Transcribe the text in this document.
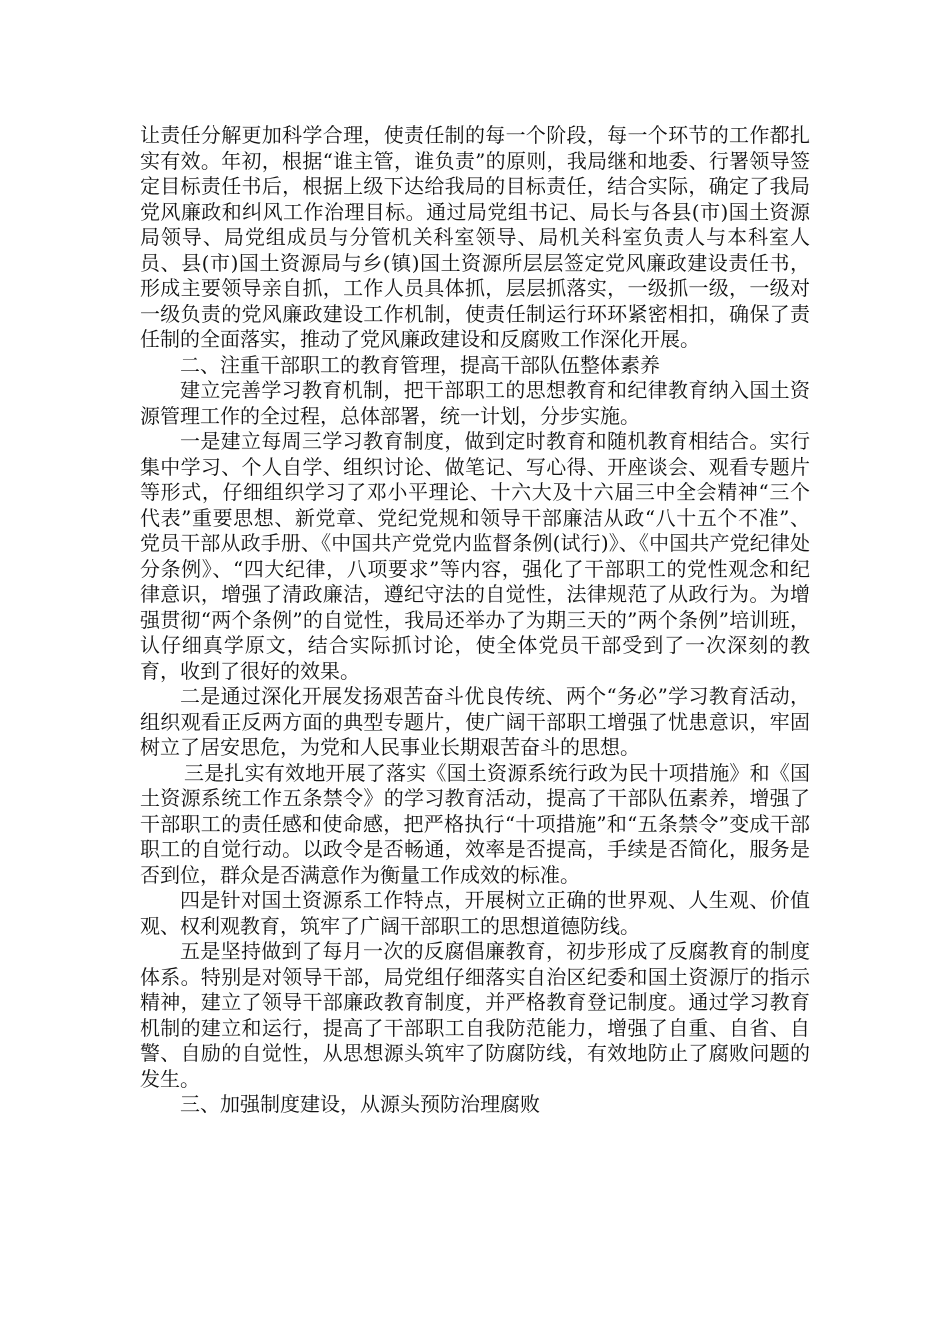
让责任分解更加科学合理，使责任制的每一个阶段，每一个环节的工作都扎实有效。年初，根据“谁主管，谁负责”的原则，我局继和地委、行署领导签定目标责任书后，根据上级下达给我局的目标责任，结合实际，确定了我局党风廉政和纠风工作治理目标。通过局党组书记、局长与各县(市)国土资源局领导、局党组成员与分管机关科室领导、局机关科室负责人与本科室人员、县(市)国土资源局与乡(镇)国土资源所层层签定党风廉政建设责任书，形成主要领导亲自抓，工作人员具体抓，层层抓落实，一级抓一级，一级对一级负责的党风廉政建设工作机制，使责任制运行环环紧密相扣，确保了责任制的全面落实，推动了党风廉政建设和反腐败工作深化开展。

二、注重干部职工的教育管理，提高干部队伍整体素养

建立完善学习教育机制，把干部职工的思想教育和纪律教育纳入国土资源管理工作的全过程，总体部署，统一计划，分步实施。

一是建立每周三学习教育制度，做到定时教育和随机教育相结合。实行集中学习、个人自学、组织讨论、做笔记、写心得、开座谈会、观看专题片等形式，仔细组织学习了邓小平理论、十六大及十六届三中全会精神“三个代表”重要思想、新党章、党纪党规和领导干部廉洁从政“八十五个不准”、党员干部从政手册、《中国共产党党内监督条例(试行)》、《中国共产党纪律处分条例》、“四大纪律，八项要求”等内容，强化了干部职工的党性观念和纪律意识，增强了清政廉洁，遵纪守法的自觉性，法律规范了从政行为。为增强贯彻“两个条例”的自觉性，我局还举办了为期三天的”两个条例”培训班，认仔细真学原文，结合实际抓讨论，使全体党员干部受到了一次深刻的教育，收到了很好的效果。

二是通过深化开展发扬艰苦奋斗优良传统、两个“务必”学习教育活动，组织观看正反两方面的典型专题片，使广阔干部职工增强了忧患意识，牢固树立了居安思危，为党和人民事业长期艰苦奋斗的思想。

三是扎实有效地开展了落实《国土资源系统行政为民十项措施》和《国土资源系统工作五条禁令》的学习教育活动，提高了干部队伍素养，增强了干部职工的责任感和使命感，把严格执行“十项措施”和“五条禁令”变成干部职工的自觉行动。以政令是否畅通，效率是否提高，手续是否简化，服务是否到位，群众是否满意作为衡量工作成效的标准。

四是针对国土资源系工作特点，开展树立正确的世界观、人生观、价值观、权利观教育，筑牢了广阔干部职工的思想道德防线。

五是坚持做到了每月一次的反腐倡廉教育，初步形成了反腐教育的制度体系。特别是对领导干部，局党组仔细落实自治区纪委和国土资源厅的指示精神，建立了领导干部廉政教育制度，并严格教育登记制度。通过学习教育机制的建立和运行，提高了干部职工自我防范能力，增强了自重、自省、自警、自励的自觉性，从思想源头筑牢了防腐防线，有效地防止了腐败问题的发生。

三、加强制度建设，从源头预防治理腐败
